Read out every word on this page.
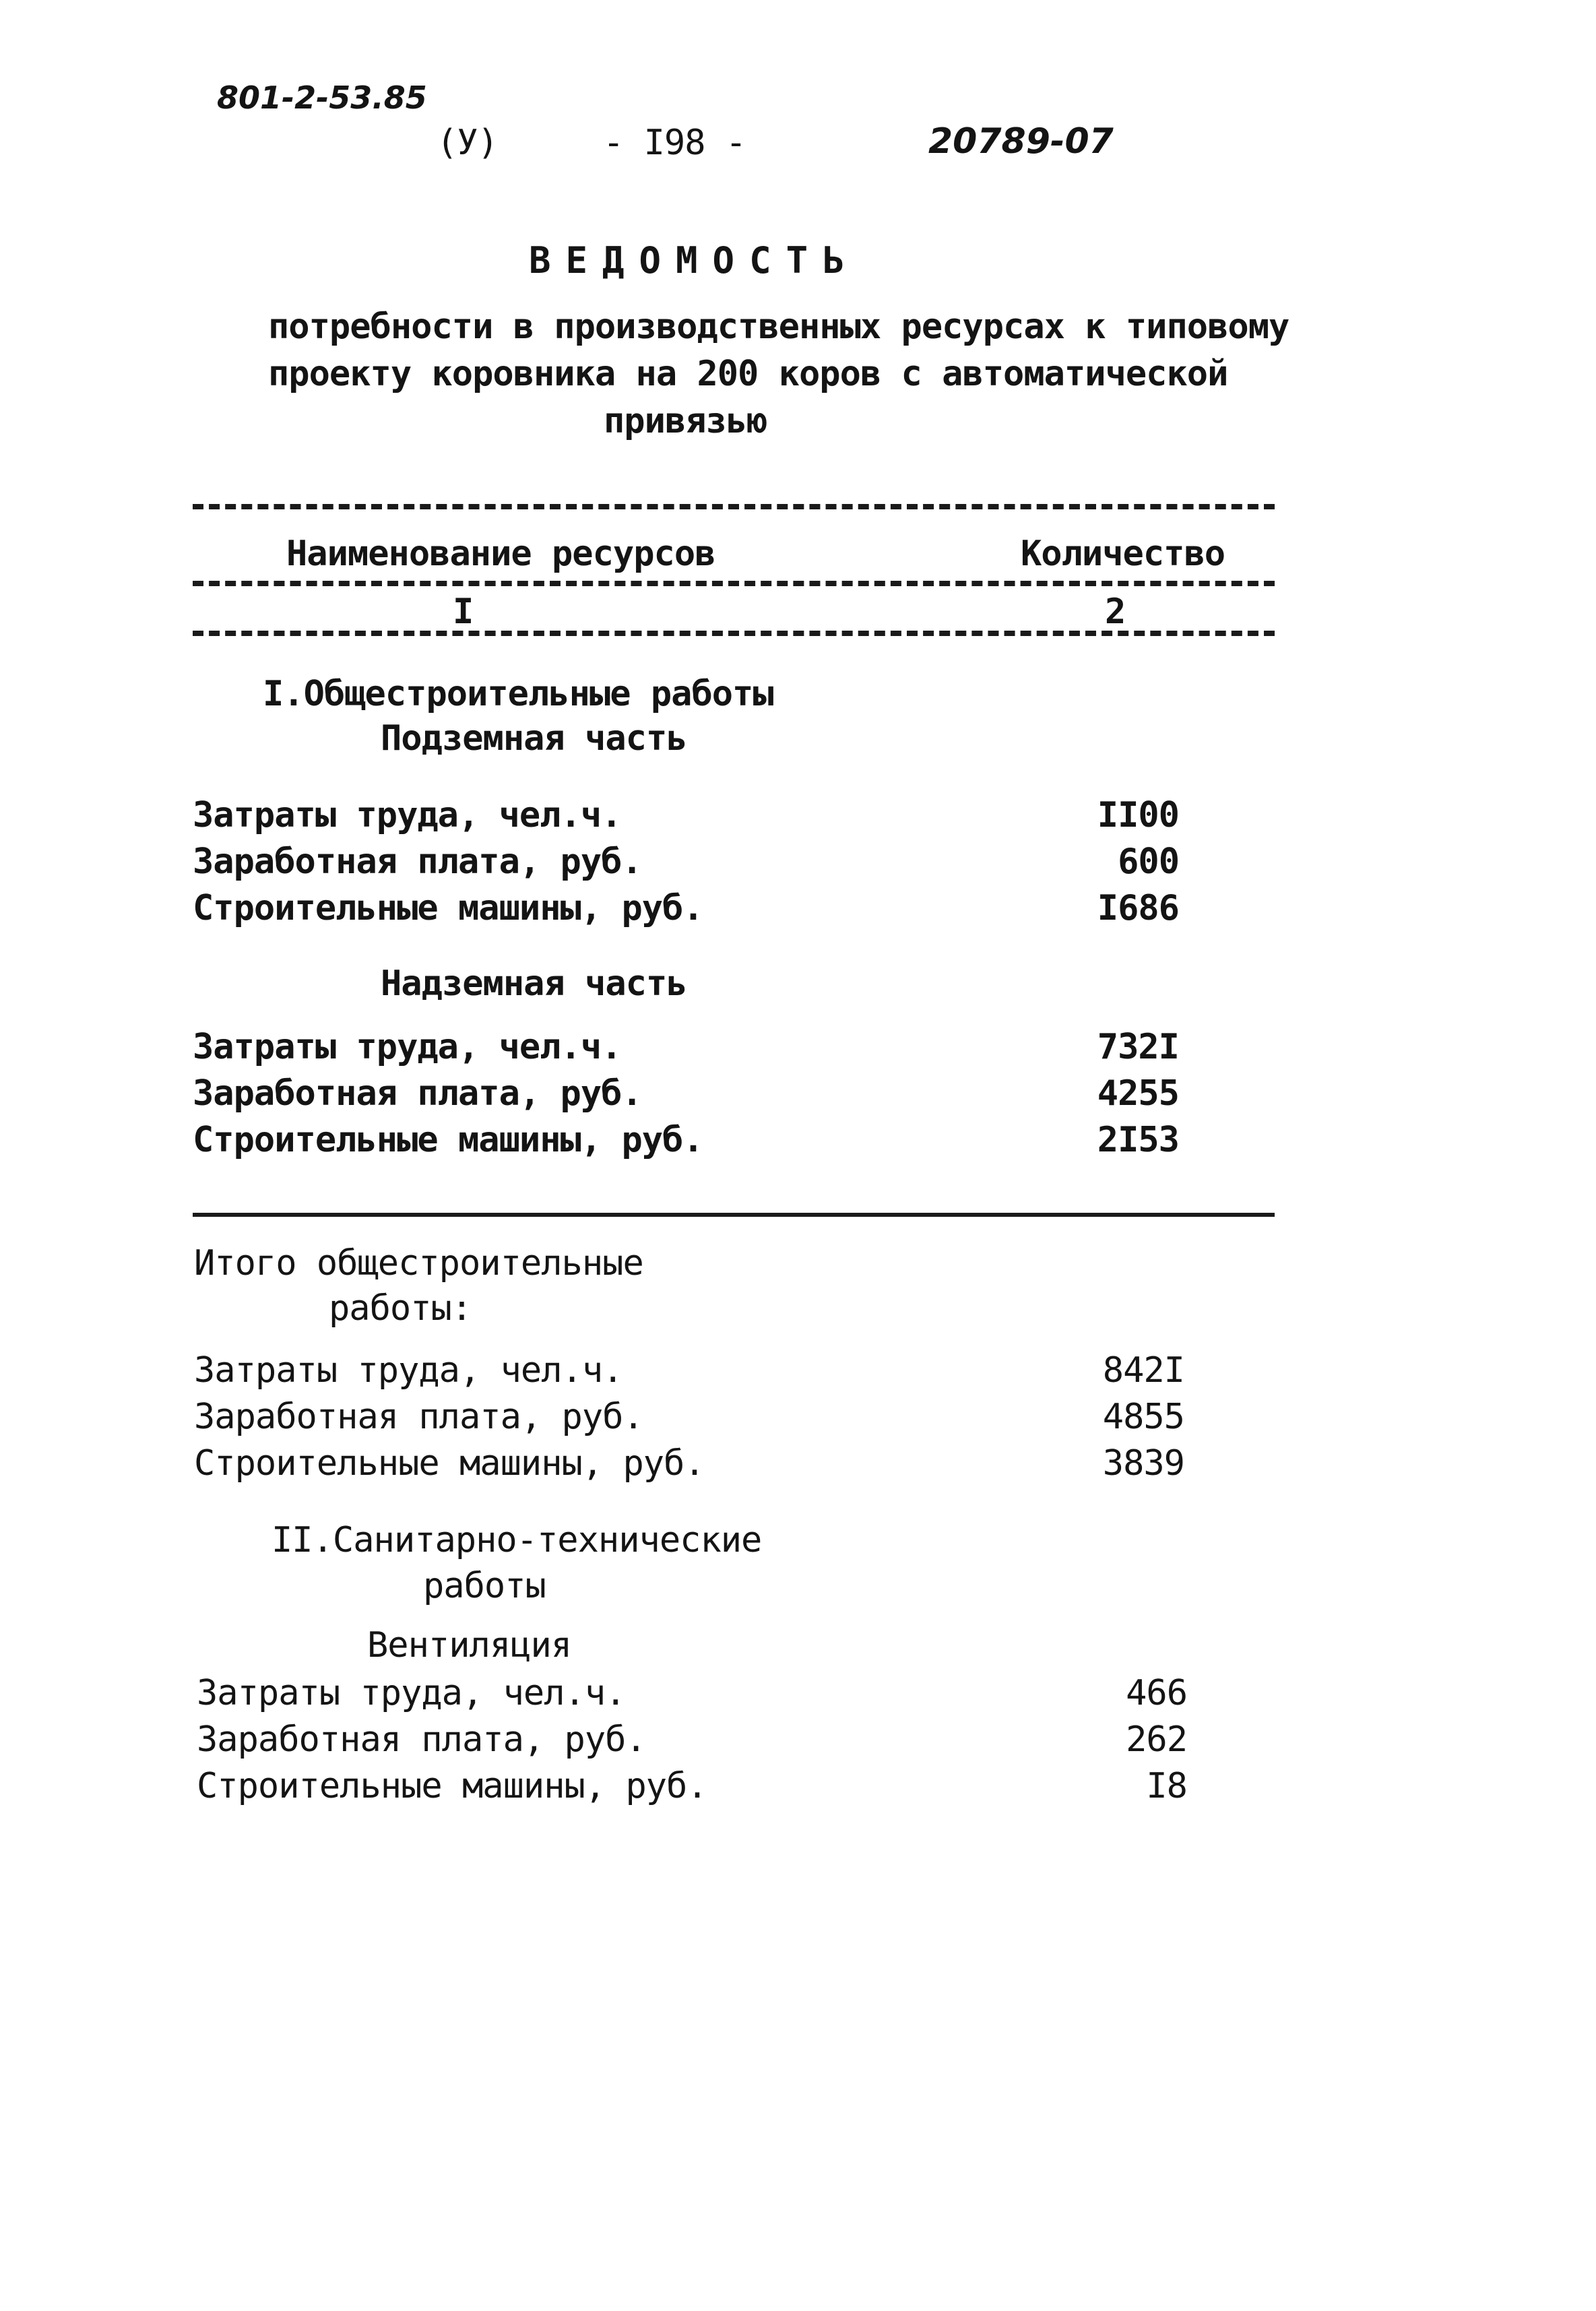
801-2-53.85
(У)	- I98 -	20789-07
ВЕДОМОСТЬ
потребности в производственных ресурсах к типовому
проекту коровника на 200 коров с автоматической
привязью
Наименование ресурсов	Количество
I	2
I.Общестроительные работы
Подземная часть
Затраты труда, чел.ч.	II00
Заработная плата, руб.	600
Строительные машины, руб.	I686
Надземная часть
Затраты труда, чел.ч.	732I
Заработная плата, руб.	4255
Строительные машины, руб.	2I53
Итого общестроительные
работы:
Затраты труда, чел.ч.	842I
Заработная плата, руб.	4855
Строительные машины, руб.	3839
II.Санитарно-технические
работы
Вентиляция
Затраты труда, чел.ч.	466
Заработная плата, руб.	262
Строительные машины, руб.	I8
